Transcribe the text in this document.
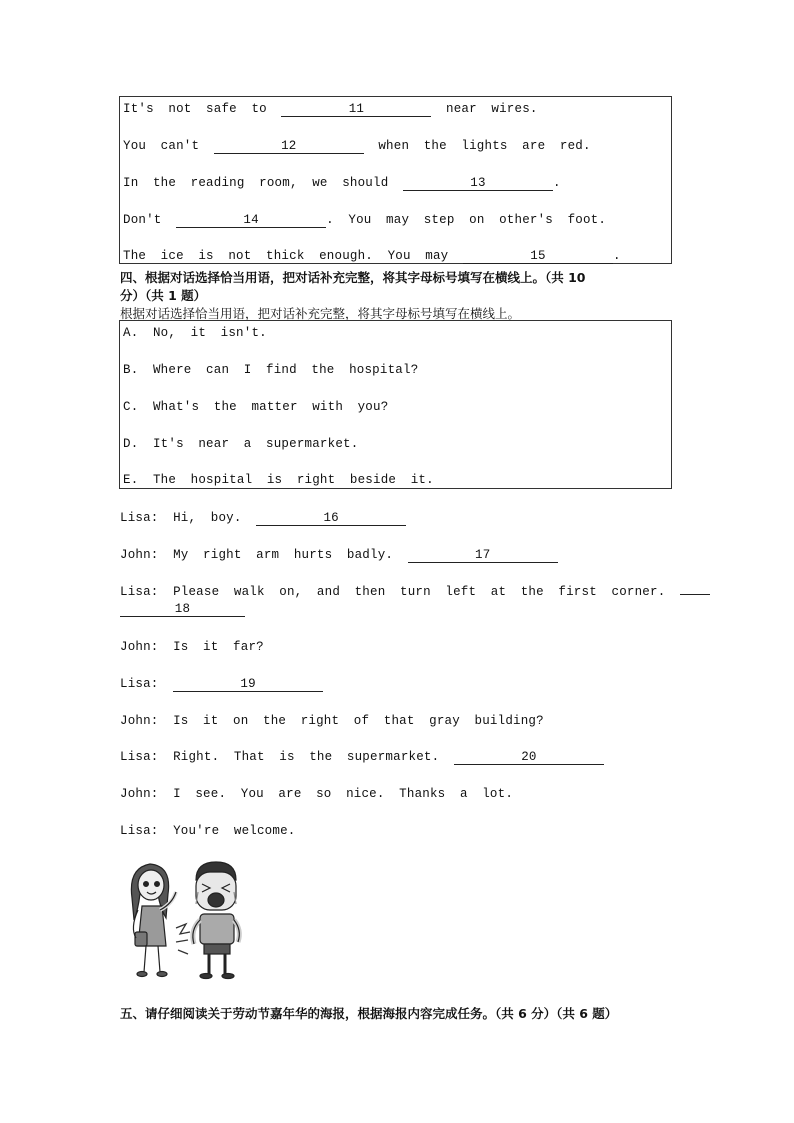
It's not safe to	11	near wires.
You can't	12	when the lights are red.
In the reading room, we should	13	.
Don't	14	. You may step on other's foot.
The ice is not thick enough. You may	15	.
四、根据对话选择恰当用语，把对话补充完整，将其字母标号填写在横线上。（共 10
分）（共 1 题）
根据对话选择恰当用语，把对话补充完整，将其字母标号填写在横线上。
A. No, it isn't.
B. Where can I find the hospital?
C. What's the matter with you?
D. It's near a supermarket.
E. The hospital is right beside it.
Lisa: Hi, boy.	16
John: My right arm hurts badly.	17
Lisa: Please walk on, and then turn left at the first corner.
18
John: Is it far?
Lisa:	19
John: Is it on the right of that gray building?
Lisa: Right. That is the supermarket.	20
John: I see. You are so nice. Thanks a lot.
Lisa: You're welcome.
五、请仔细阅读关于劳动节嘉年华的海报，根据海报内容完成任务。（共 6 分）（共 6 题）
